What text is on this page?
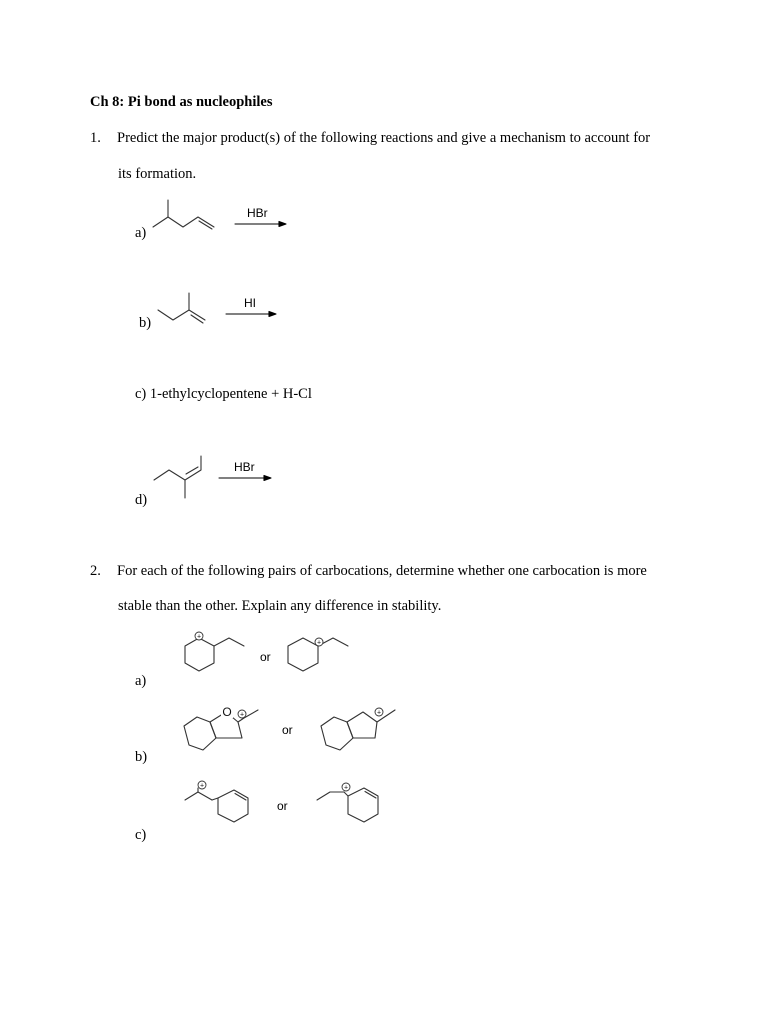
Ch 8: Pi bond as nucleophiles
1. Predict the major product(s) of the following reactions and give a mechanism to account for
its formation.
a)
HBr
b)
HI
c) 1-ethylcyclopentene + H-Cl
d)
HBr
2. For each of the following pairs of carbocations, determine whether one carbocation is more
stable than the other. Explain any difference in stability.
a)
+
or
+
b)
+
O
or
+
c)
+
or
+
